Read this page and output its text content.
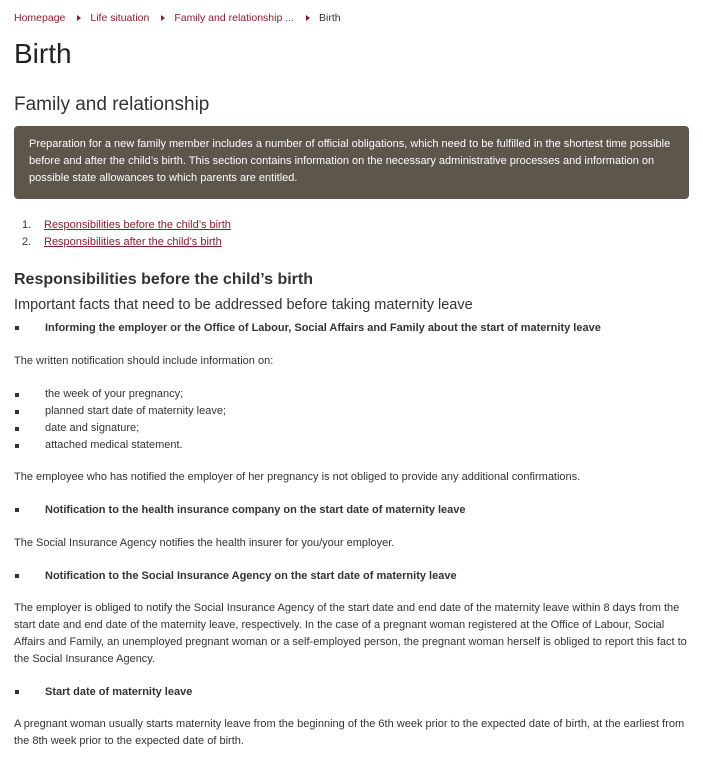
Homepage Life situation Family and relationship ... Birth
Birth
Family and relationship
Preparation for a new family member includes a number of official obligations, which need to be fulfilled in the shortest time possible before and after the child’s birth. This section contains information on the necessary administrative processes and information on possible state allowances to which parents are entitled.
1.	Responsibilities before the child’s birth
2.	Responsibilities after the child’s birth
Responsibilities before the child’s birth
Important facts that need to be addressed before taking maternity leave
Informing the employer or the Office of Labour, Social Affairs and Family about the start of maternity leave

The written notification should include information on:

the week of your pregnancy;
planned start date of maternity leave;
date and signature;
attached medical statement.

The employee who has notified the employer of her pregnancy is not obliged to provide any additional confirmations.

Notification to the health insurance company on the start date of maternity leave

The Social Insurance Agency notifies the health insurer for you/your employer.

Notification to the Social Insurance Agency on the start date of maternity leave

The employer is obliged to notify the Social Insurance Agency of the start date and end date of the maternity leave within 8 days from the start date and end date of the maternity leave, respectively. In the case of a pregnant woman registered at the Office of Labour, Social Affairs and Family, an unemployed pregnant woman or a self-employed person, the pregnant woman herself is obliged to report this fact to the Social Insurance Agency.

Start date of maternity leave

A pregnant woman usually starts maternity leave from the beginning of the 6th week prior to the expected date of birth, at the earliest from the 8th week prior to the expected date of birth.
